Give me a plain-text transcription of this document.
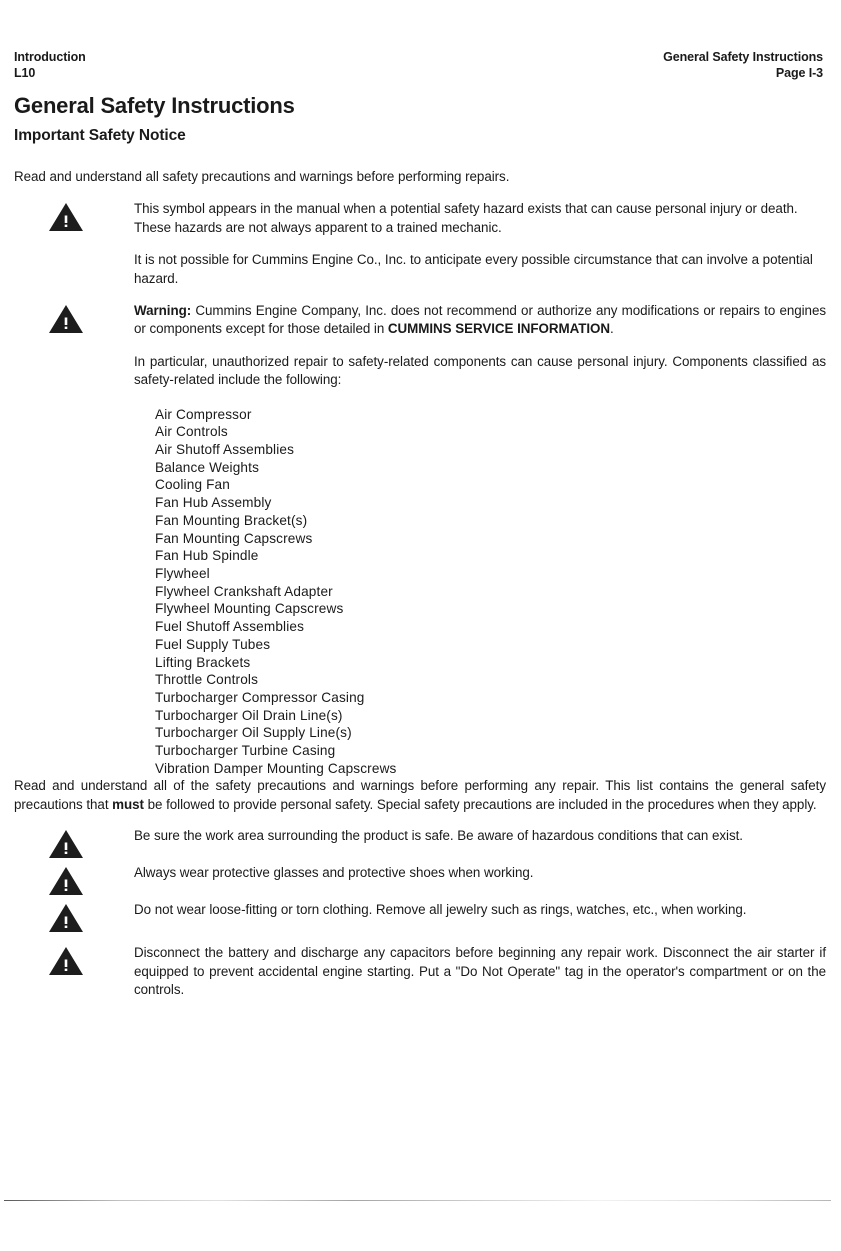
Introduction
L10
General Safety Instructions
Page I-3
General Safety Instructions
Important Safety Notice

Read and understand all safety precautions and warnings before performing repairs.

This symbol appears in the manual when a potential safety hazard exists that can cause personal injury or death. These hazards are not always apparent to a trained mechanic.
It is not possible for Cummins Engine Co., Inc. to anticipate every possible circumstance that can involve a potential hazard.
Warning: Cummins Engine Company, Inc. does not recommend or authorize any modifications or repairs to engines or components except for those detailed in CUMMINS SERVICE INFORMATION.
In particular, unauthorized repair to safety-related components can cause personal injury. Components classified as safety-related include the following:
Air Compressor
Air Controls
Air Shutoff Assemblies
Balance Weights
Cooling Fan
Fan Hub Assembly
Fan Mounting Bracket(s)
Fan Mounting Capscrews
Fan Hub Spindle
Flywheel
Flywheel Crankshaft Adapter
Flywheel Mounting Capscrews
Fuel Shutoff Assemblies
Fuel Supply Tubes
Lifting Brackets
Throttle Controls
Turbocharger Compressor Casing
Turbocharger Oil Drain Line(s)
Turbocharger Oil Supply Line(s)
Turbocharger Turbine Casing
Vibration Damper Mounting Capscrews

Read and understand all of the safety precautions and warnings before performing any repair. This list contains the general safety precautions that must be followed to provide personal safety. Special safety precautions are included in the procedures when they apply.

Be sure the work area surrounding the product is safe. Be aware of hazardous conditions that can exist.
Always wear protective glasses and protective shoes when working.
Do not wear loose-fitting or torn clothing. Remove all jewelry such as rings, watches, etc., when working.
Disconnect the battery and discharge any capacitors before beginning any repair work. Disconnect the air starter if equipped to prevent accidental engine starting. Put a "Do Not Operate" tag in the operator's compartment or on the controls.
